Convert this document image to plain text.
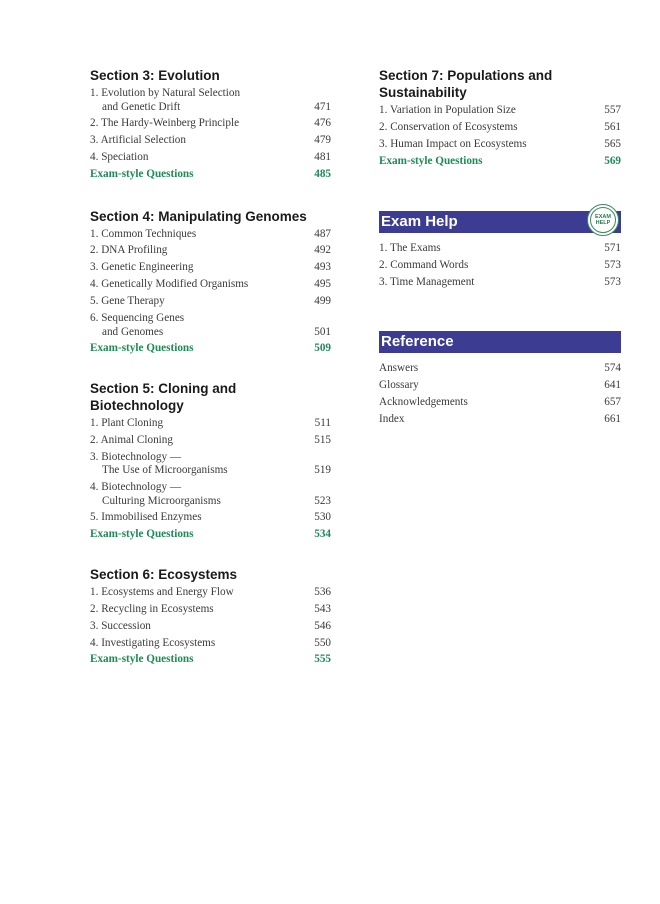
Section 3: Evolution
1. Evolution by Natural Selection
and Genetic Drift	471
2. The Hardy-Weinberg Principle	476
3. Artificial Selection	479
4. Speciation	481
Exam-style Questions	485
Section 4: Manipulating Genomes
1. Common Techniques	487
2. DNA Profiling	492
3. Genetic Engineering	493
4. Genetically Modified Organisms	495
5. Gene Therapy	499
6. Sequencing Genes
and Genomes	501
Exam-style Questions	509
Section 5: Cloning and
Biotechnology
1. Plant Cloning	511
2. Animal Cloning	515
3. Biotechnology —
The Use of Microorganisms	519
4. Biotechnology —
Culturing Microorganisms	523
5. Immobilised Enzymes	530
Exam-style Questions	534
Section 6: Ecosystems
1. Ecosystems and Energy Flow	536
2. Recycling in Ecosystems	543
3. Succession	546
4. Investigating Ecosystems	550
Exam-style Questions	555
Section 7: Populations and
Sustainability
1. Variation in Population Size	557
2. Conservation of Ecosystems	561
3. Human Impact on Ecosystems	565
Exam-style Questions	569
Exam Help	EXAM
HELP
1. The Exams	571
2. Command Words	573
3. Time Management	573
Reference
Answers	574
Glossary	641
Acknowledgements	657
Index	661
